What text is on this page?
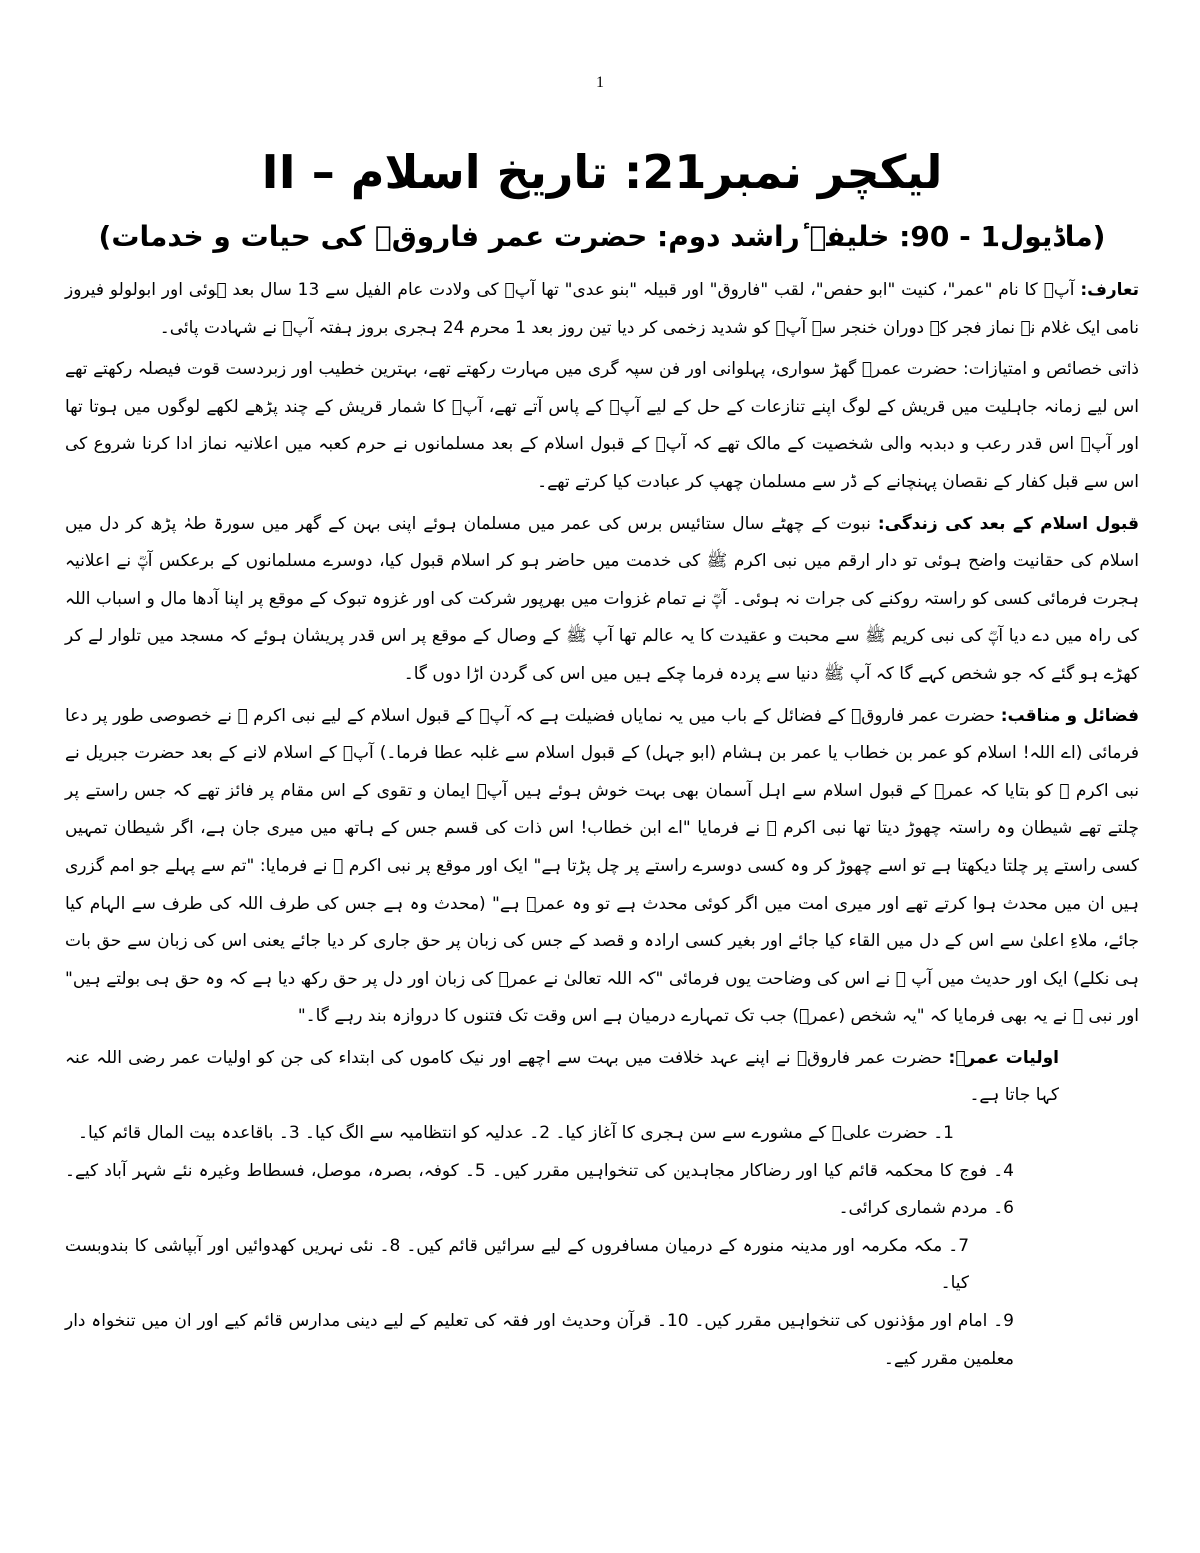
1
لیکچر نمبر21: تاریخ اسلام – II
(ماڈیول1 - 90: خلیفہ ٔراشد دوم: حضرت عمر فاروقؓ کی حیات و خدمات)

تعارف: آپؓ کا نام "عمر"، کنیت "ابو حفص"، لقب "فاروق" اور قبیلہ "بنو عدی" تھا آپؓ کی ولادت عام الفیل سے 13 سال بعد ہوئی اور ابولولو فیروز نامی ایک غلام نے نماز فجر کے دوران خنجر سے آپؓ کو شدید زخمی کر دیا تین روز بعد 1 محرم 24 ہجری بروز ہفتہ آپؓ نے شہادت پائی۔

ذاتی خصائص و امتیازات: حضرت عمرؓ گھڑ سواری، پہلوانی اور فن سپہ گری میں مہارت رکھتے تھے، بہترین خطیب اور زبردست قوت فیصلہ رکھتے تھے اس لیے زمانہ جاہلیت میں قریش کے لوگ اپنے تنازعات کے حل کے لیے آپؓ کے پاس آتے تھے، آپؓ کا شمار قریش کے چند پڑھے لکھے لوگوں میں ہوتا تھا اور آپؓ اس قدر رعب و دبدبہ والی شخصیت کے مالک تھے کہ آپؓ کے قبول اسلام کے بعد مسلمانوں نے حرم کعبہ میں اعلانیہ نماز ادا کرنا شروع کی اس سے قبل کفار کے نقصان پہنچانے کے ڈر سے مسلمان چھپ کر عبادت کیا کرتے تھے۔

قبول اسلام کے بعد کی زندگی: نبوت کے چھٹے سال ستائیس برس کی عمر میں مسلمان ہوئے اپنی بہن کے گھر میں سورۃ طہٰ پڑھ کر دل میں اسلام کی حقانیت واضح ہوئی تو دار ارقم میں نبی اکرم ﷺ کی خدمت میں حاضر ہو کر اسلام قبول کیا، دوسرے مسلمانوں کے برعکس آپؓ نے اعلانیہ ہجرت فرمائی کسی کو راستہ روکنے کی جرات نہ ہوئی۔ آپؓ نے تمام غزوات میں بھرپور شرکت کی اور غزوہ تبوک کے موقع پر اپنا آدھا مال و اسباب اللہ کی راہ میں دے دیا آپؓ کی نبی کریم ﷺ سے محبت و عقیدت کا یہ عالم تھا آپ ﷺ کے وصال کے موقع پر اس قدر پریشان ہوئے کہ مسجد میں تلوار لے کر کھڑے ہو گئے کہ جو شخص کہے گا کہ آپ ﷺ دنیا سے پردہ فرما چکے ہیں میں اس کی گردن اڑا دوں گا۔

فضائل و مناقب: حضرت عمر فاروقؓ کے فضائل کے باب میں یہ نمایاں فضیلت ہے کہ آپؓ کے قبول اسلام کے لیے نبی اکرم ﷺ نے خصوصی طور پر دعا فرمائی (اے اللہ! اسلام کو عمر بن خطاب یا عمر بن ہشام (ابو جہل) کے قبول اسلام سے غلبہ عطا فرما۔) آپؓ کے اسلام لانے کے بعد حضرت جبریل نے نبی اکرم ﷺ کو بتایا کہ عمرؓ کے قبول اسلام سے اہل آسمان بھی بہت خوش ہوئے ہیں آپؓ ایمان و تقوی کے اس مقام پر فائز تھے کہ جس راستے پر چلتے تھے شیطان وہ راستہ چھوڑ دیتا تھا نبی اکرم ﷺ نے فرمایا "اے ابن خطاب! اس ذات کی قسم جس کے ہاتھ میں میری جان ہے، اگر شیطان تمہیں کسی راستے پر چلتا دیکھتا ہے تو اسے چھوڑ کر وہ کسی دوسرے راستے پر چل پڑتا ہے" ایک اور موقع پر نبی اکرم ﷺ نے فرمایا: "تم سے پہلے جو امم گزری ہیں ان میں محدث ہوا کرتے تھے اور میری امت میں اگر کوئی محدث ہے تو وہ عمرؓ ہے" (محدث وہ ہے جس کی طرف اللہ کی طرف سے الہام کیا جائے، ملاءِ اعلیٰ سے اس کے دل میں القاء کیا جائے اور بغیر کسی ارادہ و قصد کے جس کی زبان پر حق جاری کر دیا جائے یعنی اس کی زبان سے حق بات ہی نکلے) ایک اور حدیث میں آپ ﷺ نے اس کی وضاحت یوں فرمائی "کہ اللہ تعالیٰ نے عمرؓ کی زبان اور دل پر حق رکھ دیا ہے کہ وہ حق ہی بولتے ہیں" اور نبی ﷺ نے یہ بھی فرمایا کہ "یہ شخص (عمرؓ) جب تک تمہارے درمیان ہے اس وقت تک فتنوں کا دروازہ بند رہے گا۔"

اولیات عمرؓ: حضرت عمر فاروقؓ نے اپنے عہد خلافت میں بہت سے اچھے اور نیک کاموں کی ابتداء کی جن کو اولیات عمر رضی اللہ عنہ کہا جاتا ہے۔

1۔ حضرت علیؓ کے مشورے سے سن ہجری کا آغاز کیا۔ 2۔ عدلیہ کو انتظامیہ سے الگ کیا۔ 3۔ باقاعدہ بیت المال قائم کیا۔

4۔ فوج کا محکمہ قائم کیا اور رضاکار مجاہدین کی تنخواہیں مقرر کیں۔ 5۔ کوفہ، بصرہ، موصل، فسطاط وغیرہ نئے شہر آباد کیے۔ 6۔ مردم شماری کرائی۔

7۔ مکہ مکرمہ اور مدینہ منورہ کے درمیان مسافروں کے لیے سرائیں قائم کیں۔ 8۔ نئی نہریں کھدوائیں اور آبپاشی کا بندوبست کیا۔

9۔ امام اور مؤذنوں کی تنخواہیں مقرر کیں۔ 10۔ قرآن وحدیث اور فقہ کی تعلیم کے لیے دینی مدارس قائم کیے اور ان میں تنخواہ دار معلمین مقرر کیے۔
